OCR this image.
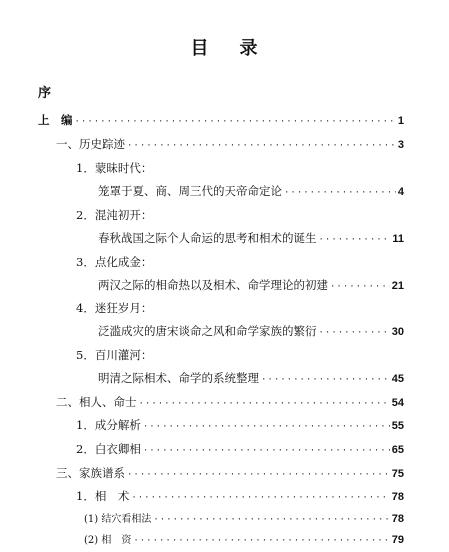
目 录
序
上　编 ·····	1
一、历史踪迹 ·····	3
1．蒙昧时代：
笼罩于夏、商、周三代的天帝命定论 ·····	4
2．混沌初开：
春秋战国之际个人命运的思考和相术的诞生 ·····	11
3．点化成金：
两汉之际的相命热以及相术、命学理论的初建 ·····	21
4．迷狂岁月：
泛滥成灾的唐宋谈命之风和命学家族的繁衍 ·····	30
5．百川灌河：
明清之际相术、命学的系统整理 ·····	45
二、相人、命士 ·····	54
1．成分解析 ·····	55
2．白衣卿相 ·····	65
三、家族谱系 ·····	75
1．相　术 ·····	78
(1) 结穴看相法 ·····	78
(2) 相　资 ·····	79
